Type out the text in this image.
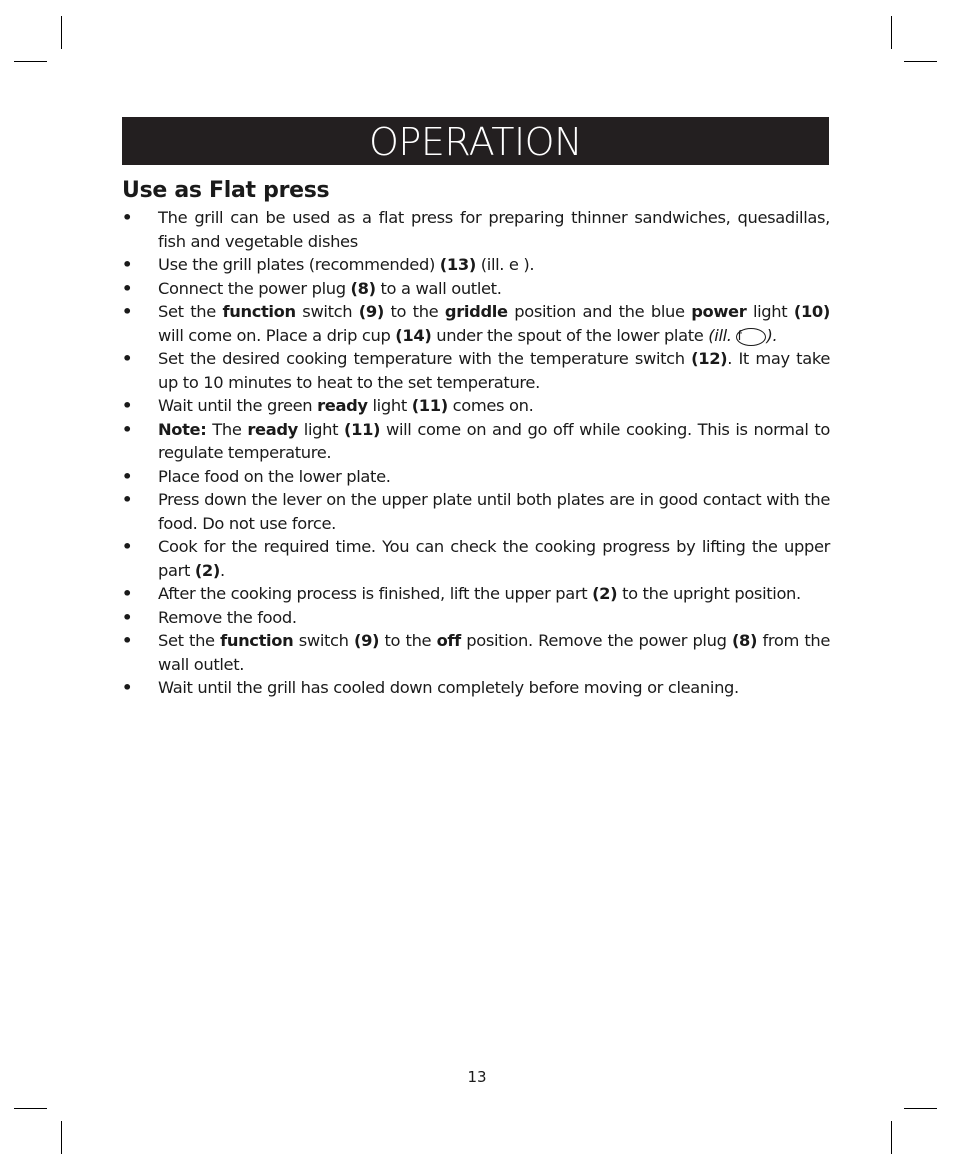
OPERATION
Use as Flat press
• The grill can be used as a flat press for preparing thinner sandwiches, quesadillas, fish and vegetable dishes
• Use the grill plates (recommended) (13) (ill. e ).
• Connect the power plug (8) to a wall outlet.
• Set the function switch (9) to the griddle position and the blue power light (10) will come on. Place a drip cup (14) under the spout of the lower plate (ill. f ).
• Set the desired cooking temperature with the temperature switch (12). It may take up to 10 minutes to heat to the set temperature.
• Wait until the green ready light (11) comes on.
• Note: The ready light (11) will come on and go off while cooking. This is normal to regulate temperature.
• Place food on the lower plate.
• Press down the lever on the upper plate until both plates are in good contact with the food. Do not use force.
• Cook for the required time. You can check the cooking progress by lifting the upper part (2).
• After the cooking process is finished, lift the upper part (2) to the upright position.
• Remove the food.
• Set the function switch (9) to the off position. Remove the power plug (8) from the wall outlet.
• Wait until the grill has cooled down completely before moving or cleaning.
13
